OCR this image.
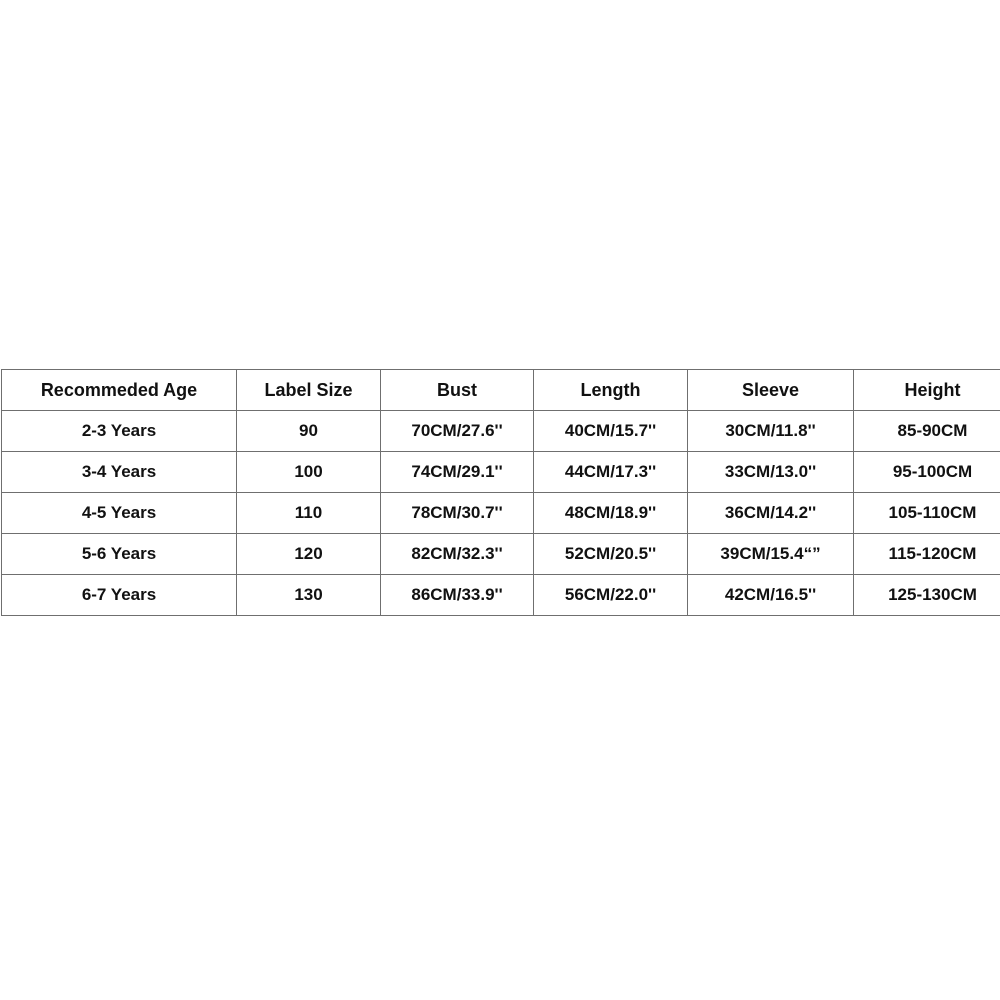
Recommeded Age	Label Size	Bust	Length	Sleeve	Height
2-3 Years	90	70CM/27.6''	40CM/15.7''	30CM/11.8''	85-90CM
3-4 Years	100	74CM/29.1''	44CM/17.3''	33CM/13.0''	95-100CM
4-5 Years	110	78CM/30.7''	48CM/18.9''	36CM/14.2''	105-110CM
5-6 Years	120	82CM/32.3''	52CM/20.5''	39CM/15.4“”	115-120CM
6-7 Years	130	86CM/33.9''	56CM/22.0''	42CM/16.5''	125-130CM
